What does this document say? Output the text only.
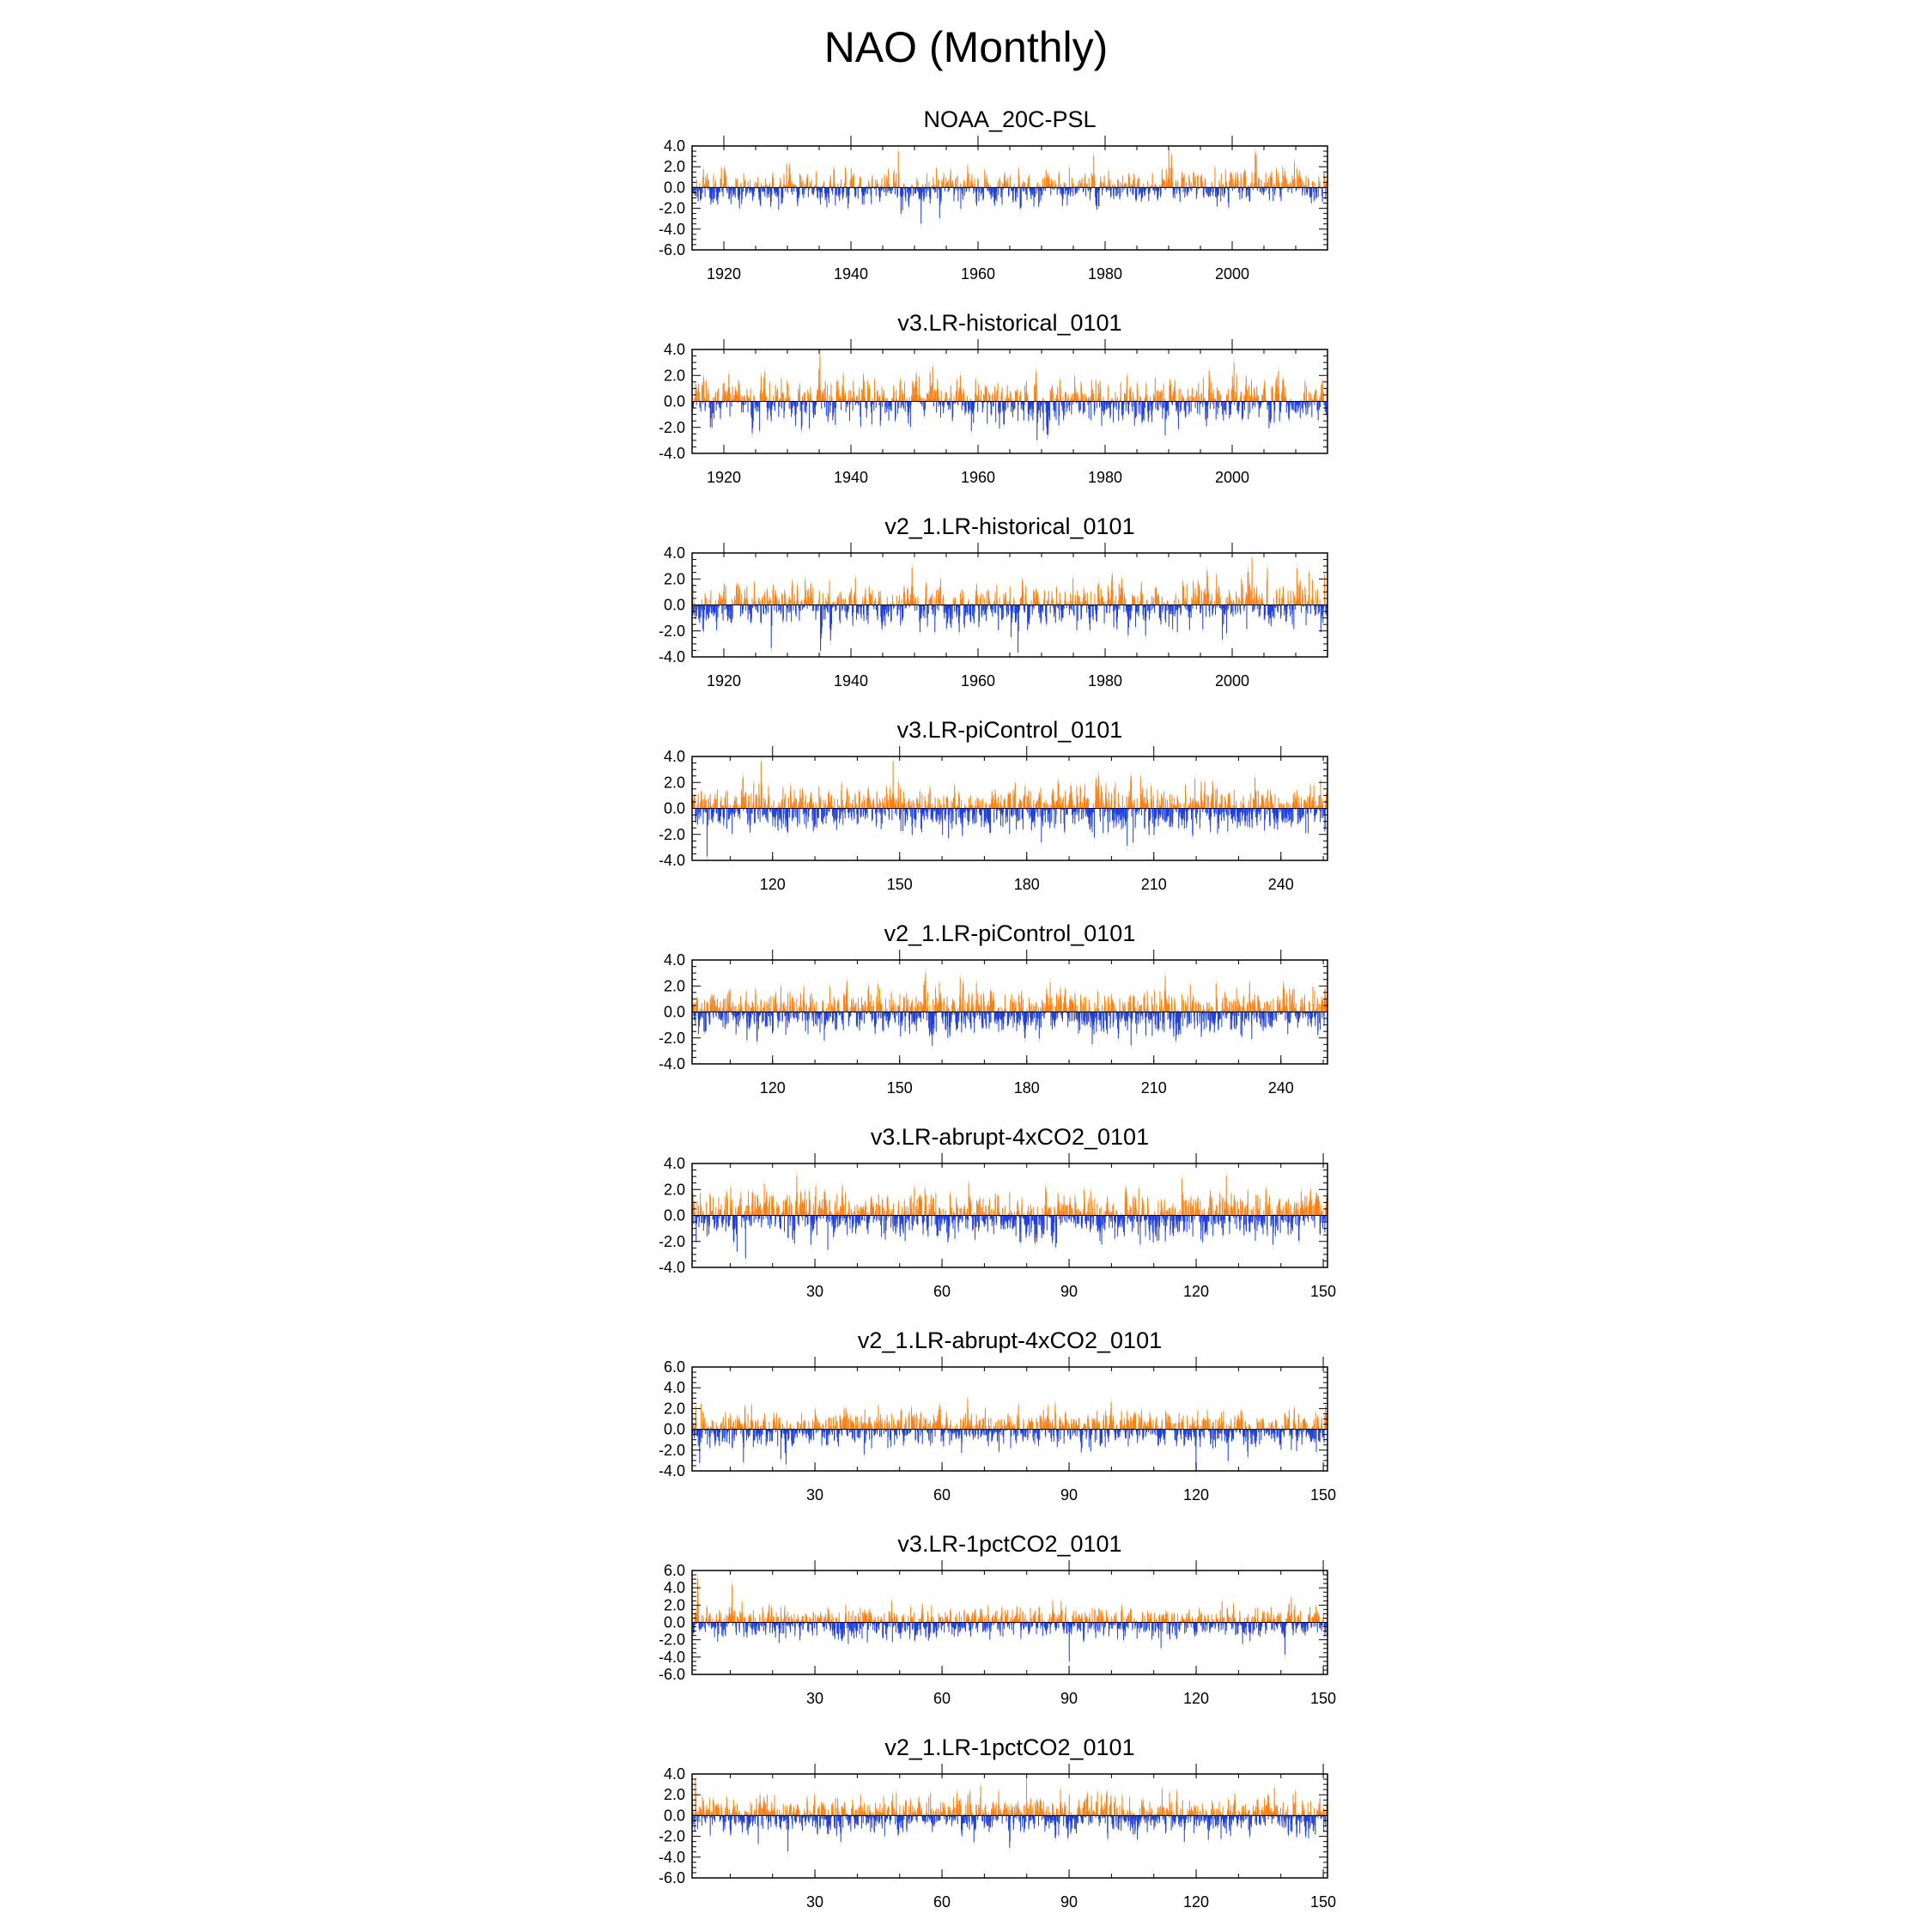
NAO (Monthly)
NOAA_20C-PSL
-6.0
-4.0
-2.0
0.0
2.0
4.0
1920	1940	1960	1980	2000
v3.LR-historical_0101
-4.0
-2.0
0.0
2.0
4.0
1920	1940	1960	1980	2000
v2_1.LR-historical_0101
-4.0
-2.0
0.0
2.0
4.0
1920	1940	1960	1980	2000
v3.LR-piControl_0101
-4.0
-2.0
0.0
2.0
4.0
120	150	180	210	240
v2_1.LR-piControl_0101
-4.0
-2.0
0.0
2.0
4.0
120	150	180	210	240
v3.LR-abrupt-4xCO2_0101
-4.0
-2.0
0.0
2.0
4.0
30	60	90	120	150
v2_1.LR-abrupt-4xCO2_0101
-4.0
-2.0
0.0
2.0
4.0
6.0
30	60	90	120	150
v3.LR-1pctCO2_0101
-6.0
-4.0
-2.0
0.0
2.0
4.0
6.0
30	60	90	120	150
v2_1.LR-1pctCO2_0101
-6.0
-4.0
-2.0
0.0
2.0
4.0
30	60	90	120	150
